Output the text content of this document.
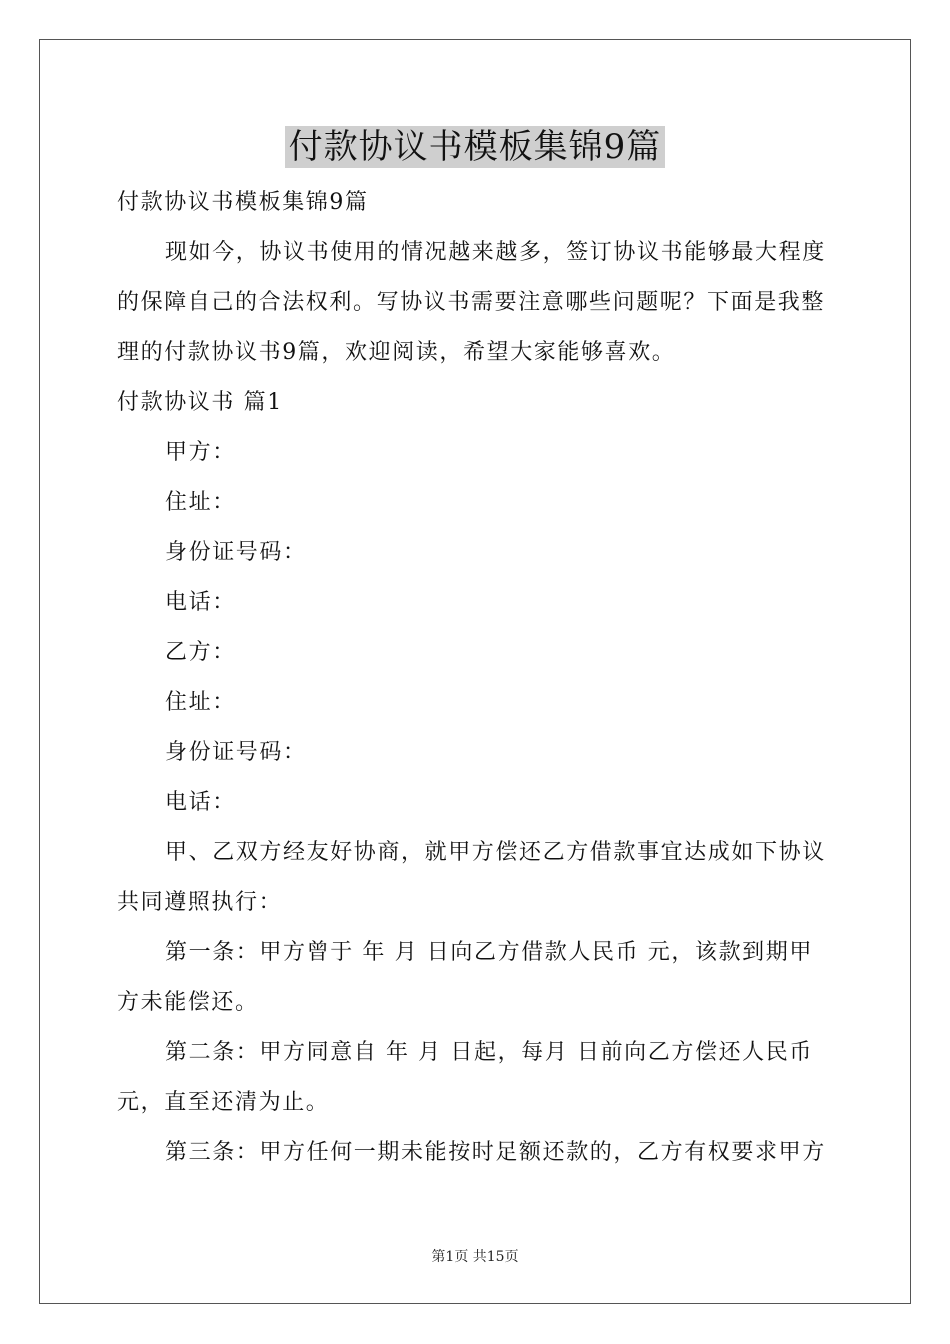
付款协议书模板集锦9篇
付款协议书模板集锦9篇
现如今，协议书使用的情况越来越多，签订协议书能够最大程度
的保障自己的合法权利。写协议书需要注意哪些问题呢？下面是我整
理的付款协议书9篇，欢迎阅读，希望大家能够喜欢。
付款协议书 篇1
甲方：
住址：
身份证号码：
电话：
乙方：
住址：
身份证号码：
电话：
甲、乙双方经友好协商，就甲方偿还乙方借款事宜达成如下协议
共同遵照执行：
第一条：甲方曾于 年 月 日向乙方借款人民币 元，该款到期甲
方未能偿还。
第二条：甲方同意自 年 月 日起，每月 日前向乙方偿还人民币
元，直至还清为止。
第三条：甲方任何一期未能按时足额还款的，乙方有权要求甲方
第1页 共15页
